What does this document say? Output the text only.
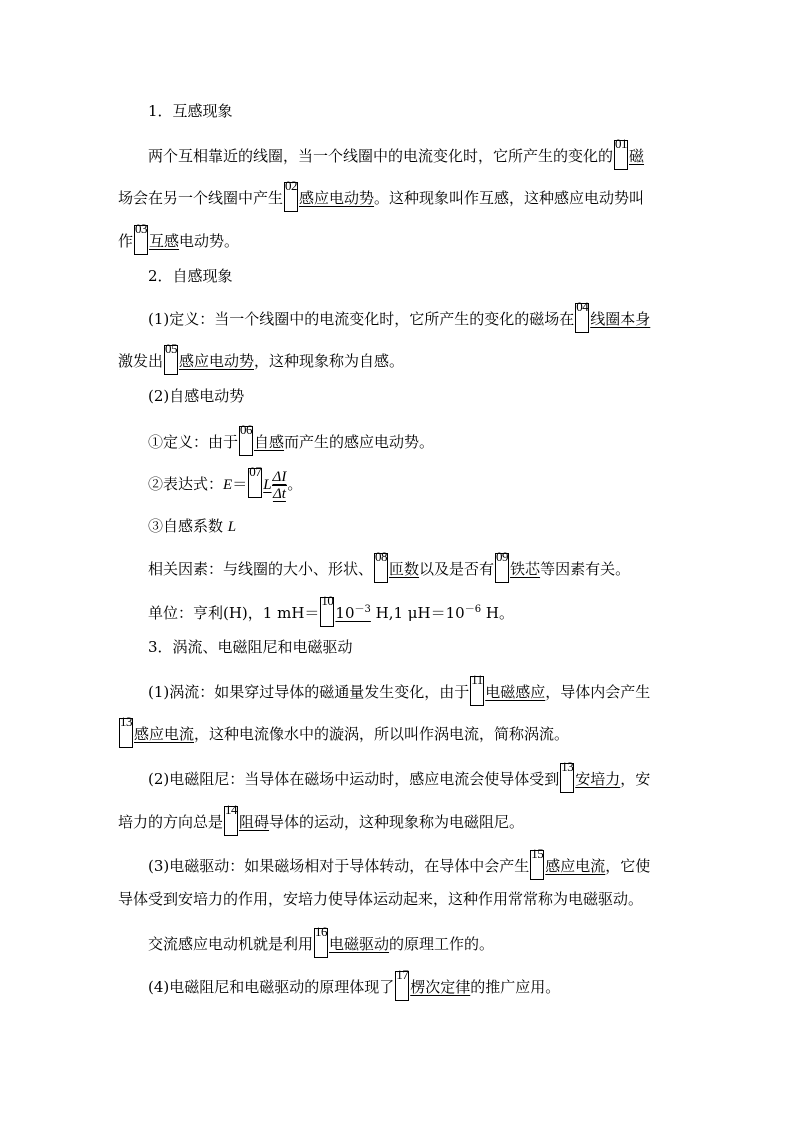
1．互感现象
两个互相靠近的线圈，当一个线圈中的电流变化时，它所产生的变化的
01
磁
场会在另一个线圈中产生
02
感应电动势。这种现象叫作互感，这种感应电动势叫
作
03
互感电动势。
2．自感现象
(1)定义：当一个线圈中的电流变化时，它所产生的变化的磁场在
04
线圈本身
激发出
05
感应电动势，这种现象称为自感。
(2)自感电动势
①定义：由于
06
自感而产生的感应电动势。
②表达式：E＝
07
L $\frac{\Delta I}{\Delta t}$ 。
③自感系数 L
相关因素：与线圈的大小、形状、
08
匝数以及是否有
09
铁芯等因素有关。
单位：亨利(H)，1 mH＝
10
$10^{-3}$ H,1 $\mu H=10^{-6}$ H。
3．涡流、电磁阻尼和电磁驱动
(1)涡流：如果穿过导体的磁通量发生变化，由于
11
电磁感应，导体内会产生
13
感应电流，这种电流像水中的漩涡，所以叫作涡电流，简称涡流。
(2)电磁阻尼：当导体在磁场中运动时，感应电流会使导体受到
13
安培力，安
培力的方向总是
14
阻碍导体的运动，这种现象称为电磁阻尼。
(3)电磁驱动：如果磁场相对于导体转动，在导体中会产生
15
感应电流，它使
导体受到安培力的作用，安培力使导体运动起来，这种作用常常称为电磁驱动。
交流感应电动机就是利用
16
电磁驱动的原理工作的。
(4)电磁阻尼和电磁驱动的原理体现了
17
楞次定律的推广应用。
